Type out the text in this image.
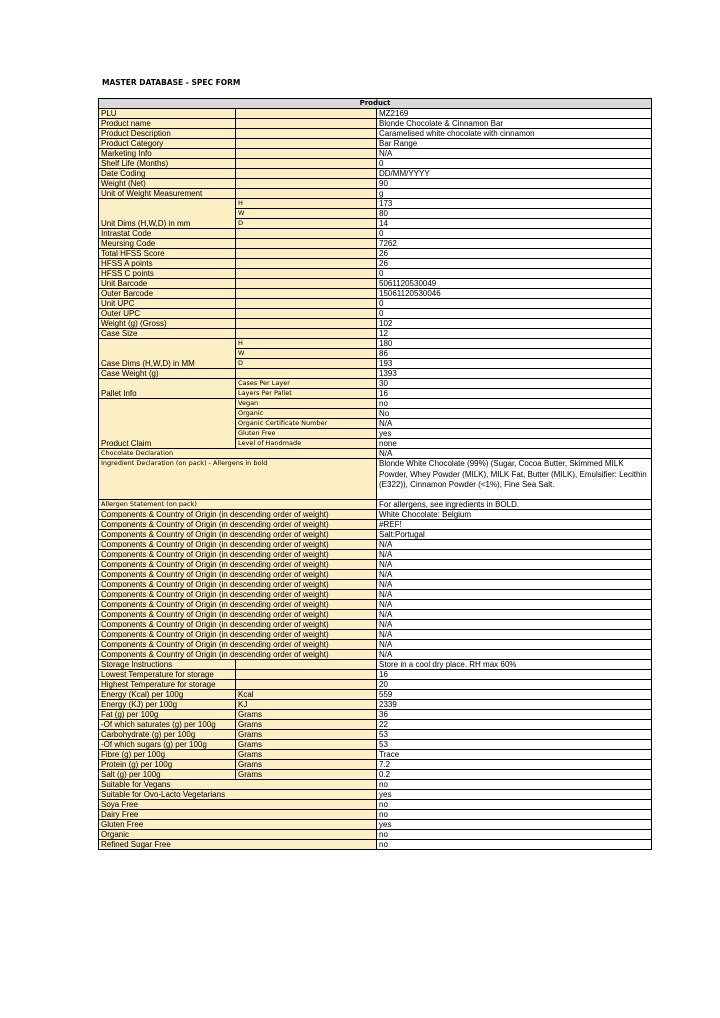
MASTER DATABASE - SPEC FORM
Product		
PLU		MZ2169
Product name		Blonde Chocolate & Cinnamon Bar
Product Description		Caramelised white chocolate with cinnamon
Product Category		Bar Range
Marketing Info		N/A
Shelf Life (Months)		0
Date Coding		DD/MM/YYYY
Weight (Net)		90
Unit of Weight Measurement		g
Unit Dims (H,W,D) in mm	H	173
	W	80
	D	14
Intrastat Code		0
Meursing Code		7262
Total HFSS Score		26
HFSS A points		26
HFSS C points		0
Unit Barcode		5061120530049
Outer Barcode		15061120530046
Unit UPC		0
Outer UPC		0
Weight (g) (Gross)		102
Case Size		12
Case Dims (H,W,D) in MM	H	180
	W	86
	D	193
Case Weight (g)		1393
Pallet Info	Cases Per Layer	30
	Layers Per Pallet	16
Product Claim	Vegan	no
	Organic	No
	Organic Certificate Number	N/A
	Gluten Free	yes
	Level of Handmade	none
Chocolate Declaration		N/A
Ingredient Declaration (on pack) - Allergens in bold		Blonde White Chocolate (99%) (Sugar, Cocoa Butter, Skimmed MILK Powder, Whey Powder (MILK), MILK Fat, Butter (MILK), Emulsifier: Lecithin (E322)), Cinnamon Powder (<1%), Fine Sea Salt.
Allergen Statement (on pack)		For allergens, see ingredients in BOLD.
Components & Country of Origin (in descending order of weight)		White Chocolate: Belgium
Components & Country of Origin (in descending order of weight)		#REF!
Components & Country of Origin (in descending order of weight)		Salt:Portugal
Components & Country of Origin (in descending order of weight)		N/A
Components & Country of Origin (in descending order of weight)		N/A
Components & Country of Origin (in descending order of weight)		N/A
Components & Country of Origin (in descending order of weight)		N/A
Components & Country of Origin (in descending order of weight)		N/A
Components & Country of Origin (in descending order of weight)		N/A
Components & Country of Origin (in descending order of weight)		N/A
Components & Country of Origin (in descending order of weight)		N/A
Components & Country of Origin (in descending order of weight)		N/A
Components & Country of Origin (in descending order of weight)		N/A
Components & Country of Origin (in descending order of weight)		N/A
Components & Country of Origin (in descending order of weight)		N/A
Storage Instructions		Store in a cool dry place. RH max 60%
Lowest Temperature for storage		16
Highest Temperature for storage		20
Energy (Kcal) per 100g	Kcal	559
Energy (KJ) per 100g	KJ	2339
Fat (g) per 100g	Grams	36
-Of which saturates (g) per 100g	Grams	22
Carbohydrate (g) per 100g	Grams	53
-Of which sugars (g) per 100g	Grams	53
Fibre (g) per 100g	Grams	Trace
Protein (g) per 100g	Grams	7.2
Salt (g) per 100g	Grams	0.2
Suitable for Vegans		no
Suitable for Ovo-Lacto Vegetarians		yes
Soya Free		no
Dairy Free		no
Gluten Free		yes
Organic		no
Refined Sugar Free		no
